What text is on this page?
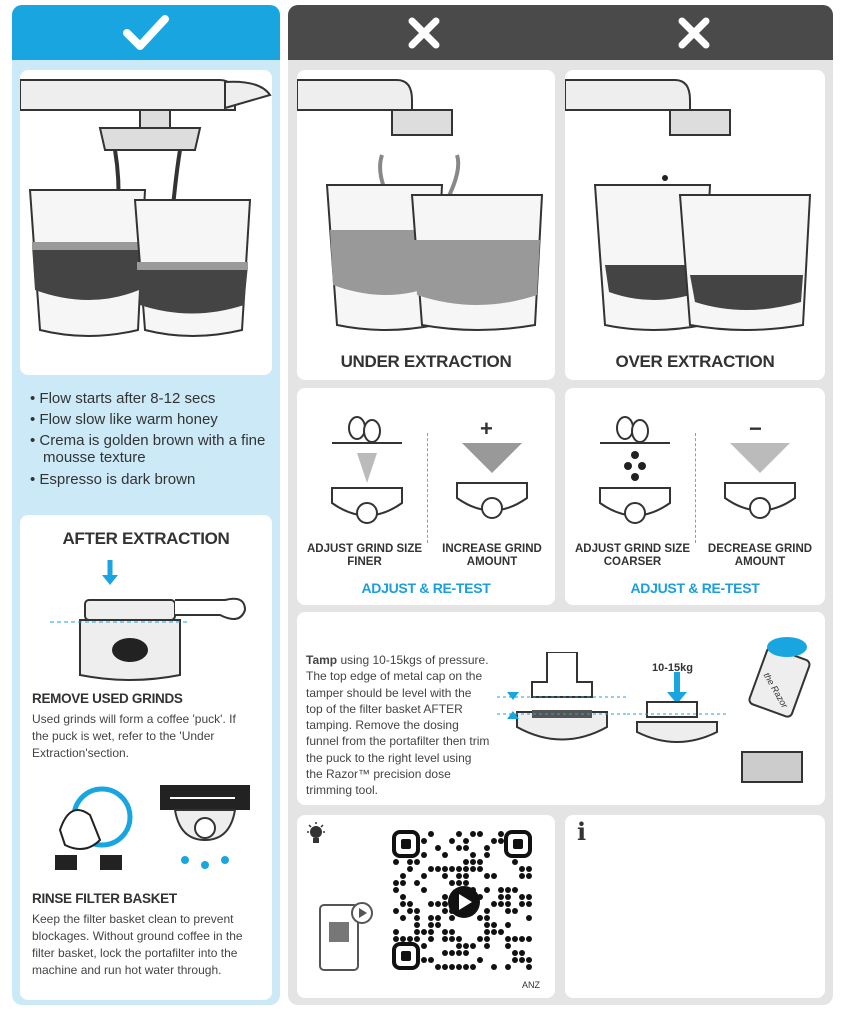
• Flow starts after 8-12 secs
• Flow slow like warm honey
• Crema is golden brown with a fine mousse texture
• Espresso is dark brown
AFTER EXTRACTION
REMOVE USED GRINDS
Used grinds will form a coffee 'puck'. If the puck is wet, refer to the 'Under Extraction'section.
RINSE FILTER BASKET
Keep the filter basket clean to prevent blockages. Without ground coffee in the filter basket, lock the portafilter into the machine and run hot water through.
UNDER EXTRACTION	OVER EXTRACTION
+
ADJUST GRIND SIZE FINER
INCREASE GRIND AMOUNT
ADJUST & RE-TEST
−
ADJUST GRIND SIZE COARSER
DECREASE GRIND AMOUNT
ADJUST & RE-TEST
Tamp using 10-15kgs of pressure. The top edge of metal cap on the tamper should be level with the top of the filter basket AFTER tamping. Remove the dosing funnel from the portafilter then trim the puck to the right level using the Razor™ precision dose trimming tool.
10-15kg
the Razor
ANZ
i
